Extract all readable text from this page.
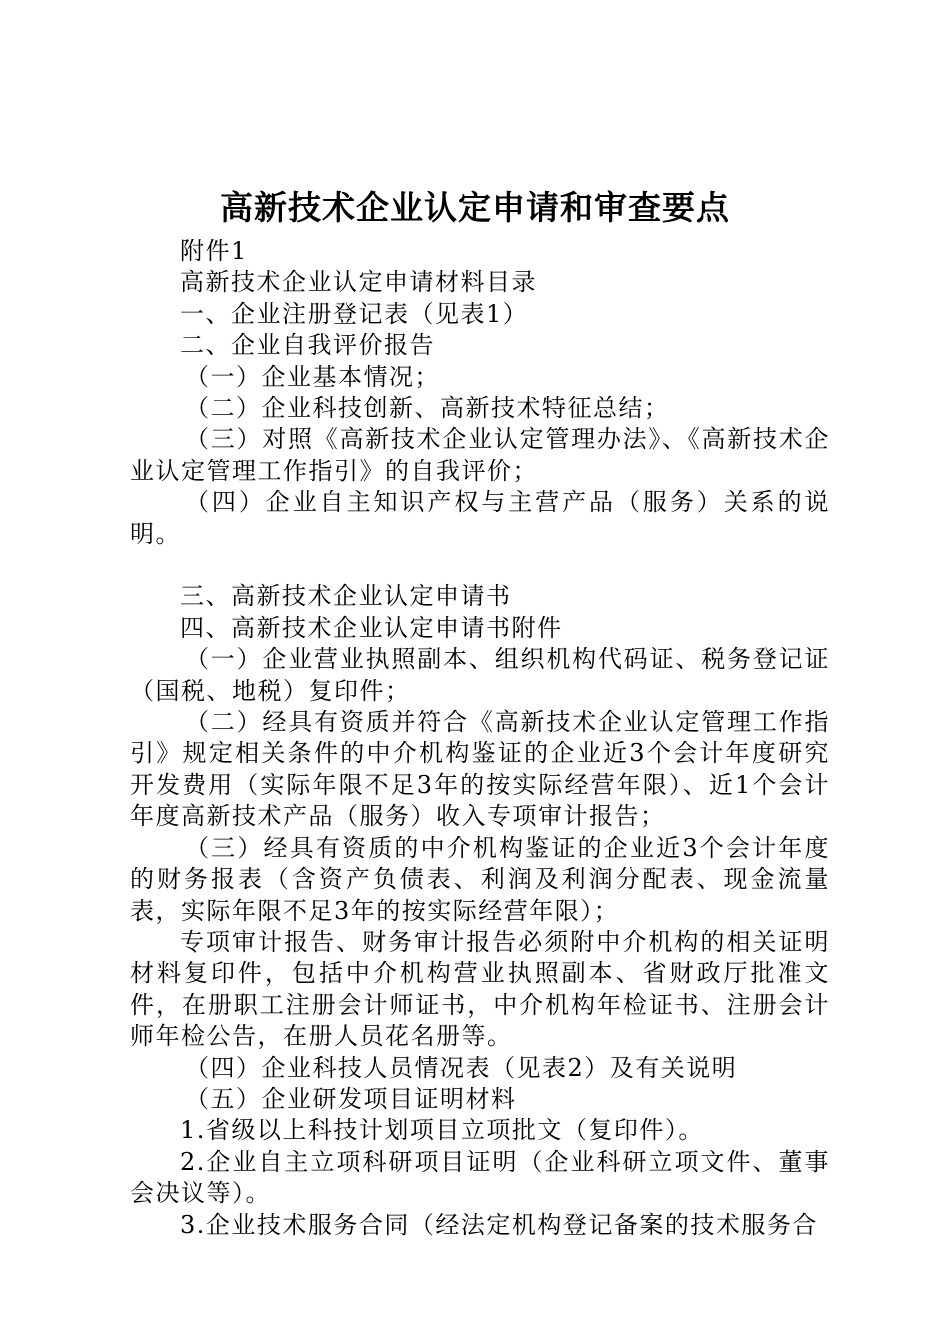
高新技术企业认定申请和审查要点

附件1

高新技术企业认定申请材料目录

一、企业注册登记表（见表1）

二、企业自我评价报告

（一）企业基本情况；

（二）企业科技创新、高新技术特征总结；

（三）对照《高新技术企业认定管理办法》、《高新技术企业认定管理工作指引》的自我评价；

（四）企业自主知识产权与主营产品（服务）关系的说明。

三、高新技术企业认定申请书

四、高新技术企业认定申请书附件

（一）企业营业执照副本、组织机构代码证、税务登记证（国税、地税）复印件；

（二）经具有资质并符合《高新技术企业认定管理工作指引》规定相关条件的中介机构鉴证的企业近3个会计年度研究开发费用（实际年限不足3年的按实际经营年限）、近1个会计年度高新技术产品（服务）收入专项审计报告；

（三）经具有资质的中介机构鉴证的企业近3个会计年度的财务报表（含资产负债表、利润及利润分配表、现金流量表，实际年限不足3年的按实际经营年限）；

专项审计报告、财务审计报告必须附中介机构的相关证明材料复印件，包括中介机构营业执照副本、省财政厅批准文件，在册职工注册会计师证书，中介机构年检证书、注册会计师年检公告，在册人员花名册等。

（四）企业科技人员情况表（见表2）及有关说明

（五）企业研发项目证明材料

1.省级以上科技计划项目立项批文（复印件）。

2.企业自主立项科研项目证明（企业科研立项文件、董事会决议等）。

3.企业技术服务合同（经法定机构登记备案的技术服务合
